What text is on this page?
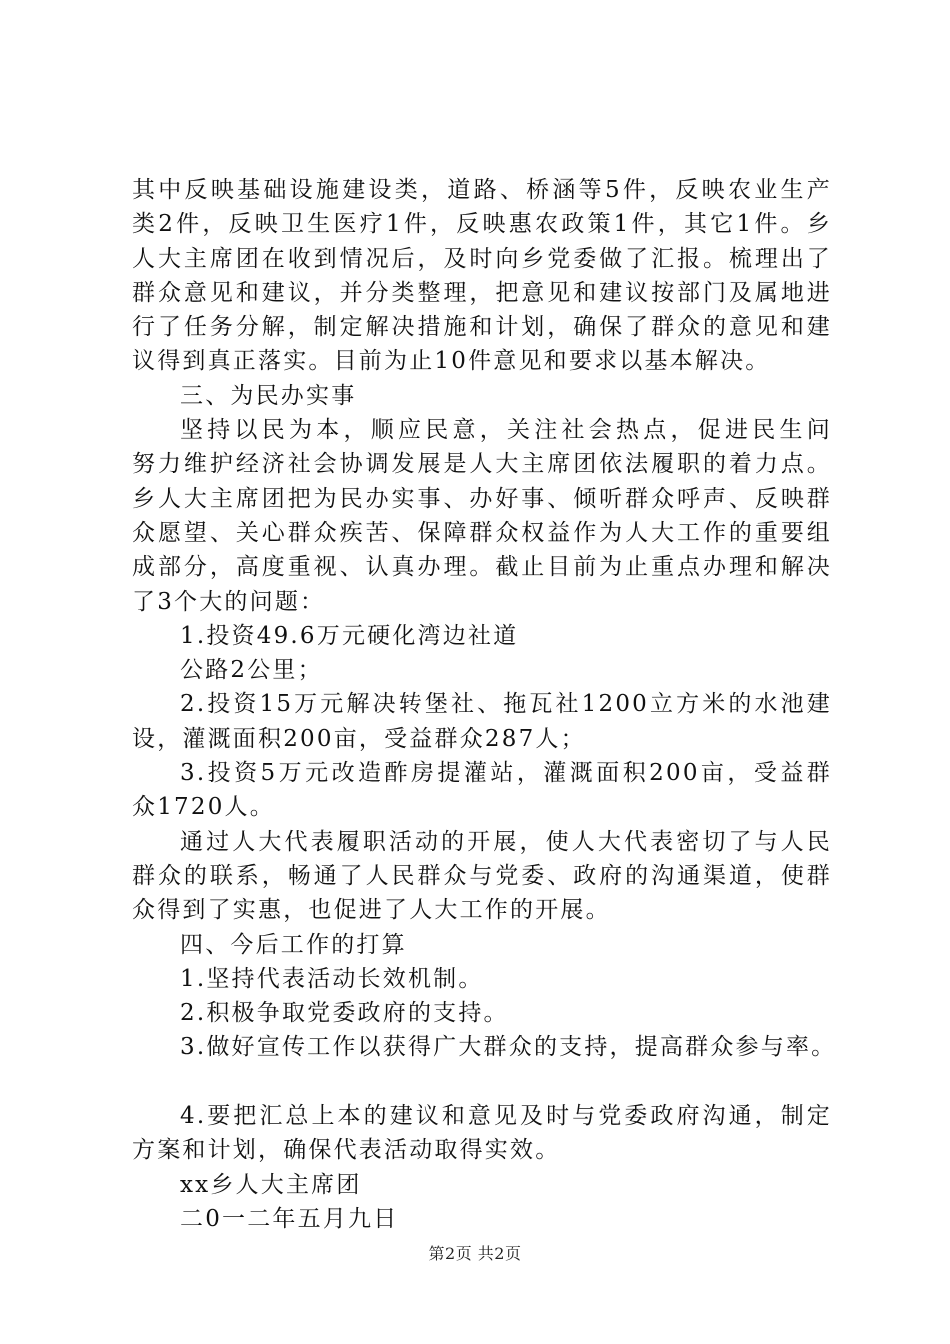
其中反映基础设施建设类，道路、桥涵等5件，反映农业生产
类2件，反映卫生医疗1件，反映惠农政策1件，其它1件。乡
人大主席团在收到情况后，及时向乡党委做了汇报。梳理出了
群众意见和建议，并分类整理，把意见和建议按部门及属地进
行了任务分解，制定解决措施和计划，确保了群众的意见和建
议得到真正落实。目前为止10件意见和要求以基本解决。
三、为民办实事
坚持以民为本，顺应民意，关注社会热点，促进民生问
努力维护经济社会协调发展是人大主席团依法履职的着力点。
乡人大主席团把为民办实事、办好事、倾听群众呼声、反映群
众愿望、关心群众疾苦、保障群众权益作为人大工作的重要组
成部分，高度重视、认真办理。截止目前为止重点办理和解决
了3个大的问题：
1.投资49.6万元硬化湾边社道
公路2公里；
2.投资15万元解决转堡社、拖瓦社1200立方米的水池建
设，灌溉面积200亩，受益群众287人；
3.投资5万元改造酢房提灌站，灌溉面积200亩，受益群
众1720人。
通过人大代表履职活动的开展，使人大代表密切了与人民
群众的联系，畅通了人民群众与党委、政府的沟通渠道，使群
众得到了实惠，也促进了人大工作的开展。
四、今后工作的打算
1.坚持代表活动长效机制。
2.积极争取党委政府的支持。
3.做好宣传工作以获得广大群众的支持，提高群众参与率。
4.要把汇总上本的建议和意见及时与党委政府沟通，制定
方案和计划，确保代表活动取得实效。
xx乡人大主席团
二0一二年五月九日
第2页 共2页
